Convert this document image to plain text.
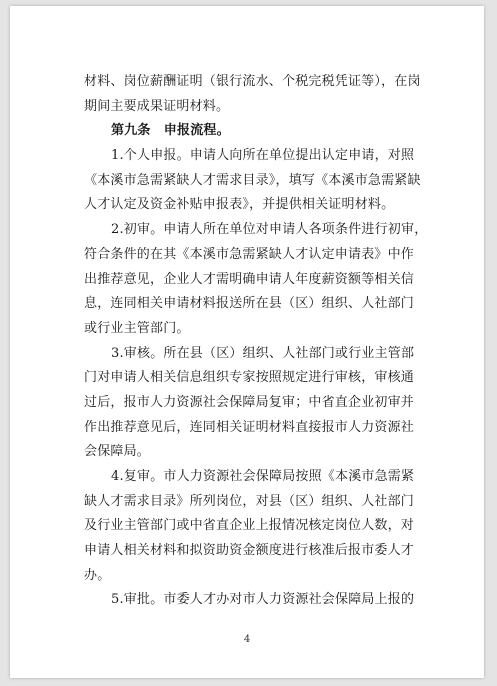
材料、岗位薪酬证明（银行流水、个税完税凭证等），在岗
期间主要成果证明材料。
第九条　申报流程。
1.个人申报。申请人向所在单位提出认定申请，对照
《本溪市急需紧缺人才需求目录》，填写《本溪市急需紧缺
人才认定及资金补贴申报表》，并提供相关证明材料。
2.初审。申请人所在单位对申请人各项条件进行初审，
符合条件的在其《本溪市急需紧缺人才认定申请表》中作
出推荐意见，企业人才需明确申请人年度薪资额等相关信
息，连同相关申请材料报送所在县（区）组织、人社部门
或行业主管部门。
3.审核。所在县（区）组织、人社部门或行业主管部
门对申请人相关信息组织专家按照规定进行审核，审核通
过后，报市人力资源社会保障局复审；中省直企业初审并
作出推荐意见后，连同相关证明材料直接报市人力资源社
会保障局。
4.复审。市人力资源社会保障局按照《本溪市急需紧
缺人才需求目录》所列岗位，对县（区）组织、人社部门
及行业主管部门或中省直企业上报情况核定岗位人数，对
申请人相关材料和拟资助资金额度进行核准后报市委人才
办。
5.审批。市委人才办对市人力资源社会保障局上报的
4
